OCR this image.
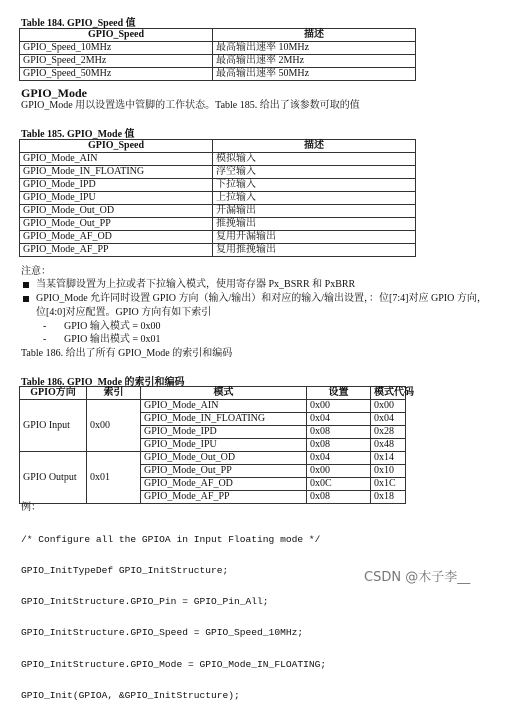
Table 184. GPIO_Speed 值
GPIO_Speed	描述
GPIO_Speed_10MHz	最高输出速率 10MHz
GPIO_Speed_2MHz	最高输出速率 2MHz
GPIO_Speed_50MHz	最高输出速率 50MHz
GPIO_Mode
GPIO_Mode 用以设置选中管脚的工作状态。Table 185. 给出了该参数可取的值
Table 185. GPIO_Mode 值
GPIO_Speed	描述
GPIO_Mode_AIN	模拟输入
GPIO_Mode_IN_FLOATING	浮空输入
GPIO_Mode_IPD	下拉输入
GPIO_Mode_IPU	上拉输入
GPIO_Mode_Out_OD	开漏输出
GPIO_Mode_Out_PP	推挽输出
GPIO_Mode_AF_OD	复用开漏输出
GPIO_Mode_AF_PP	复用推挽输出
注意：
当某管脚设置为上拉或者下拉输入模式，使用寄存器 Px_BSRR 和 PxBRR
GPIO_Mode 允许同时设置 GPIO 方向（输入/输出）和对应的输入/输出设置，：位[7:4]对应 GPIO 方向，
位[4:0]对应配置。GPIO 方向有如下索引
- GPIO 输入模式 = 0x00
- GPIO 输出模式 = 0x01
Table 186. 给出了所有 GPIO_Mode 的索引和编码
Table 186. GPIO_Mode 的索引和编码
GPIO方向	索引	模式	设置	模式代码
GPIO Input	0x00	GPIO_Mode_AIN	0x00	0x00
		GPIO_Mode_IN_FLOATING	0x04	0x04
		GPIO_Mode_IPD	0x08	0x28
		GPIO_Mode_IPU	0x08	0x48
GPIO Output	0x01	GPIO_Mode_Out_OD	0x04	0x14
		GPIO_Mode_Out_PP	0x00	0x10
		GPIO_Mode_AF_OD	0x0C	0x1C
		GPIO_Mode_AF_PP	0x08	0x18
例：

/* Configure all the GPIOA in Input Floating mode */

GPIO_InitTypeDef GPIO_InitStructure;

GPIO_InitStructure.GPIO_Pin = GPIO_Pin_All;

GPIO_InitStructure.GPIO_Speed = GPIO_Speed_10MHz;

GPIO_InitStructure.GPIO_Mode = GPIO_Mode_IN_FLOATING;

GPIO_Init(GPIOA, &GPIO_InitStructure);

CSDN @木子李__
